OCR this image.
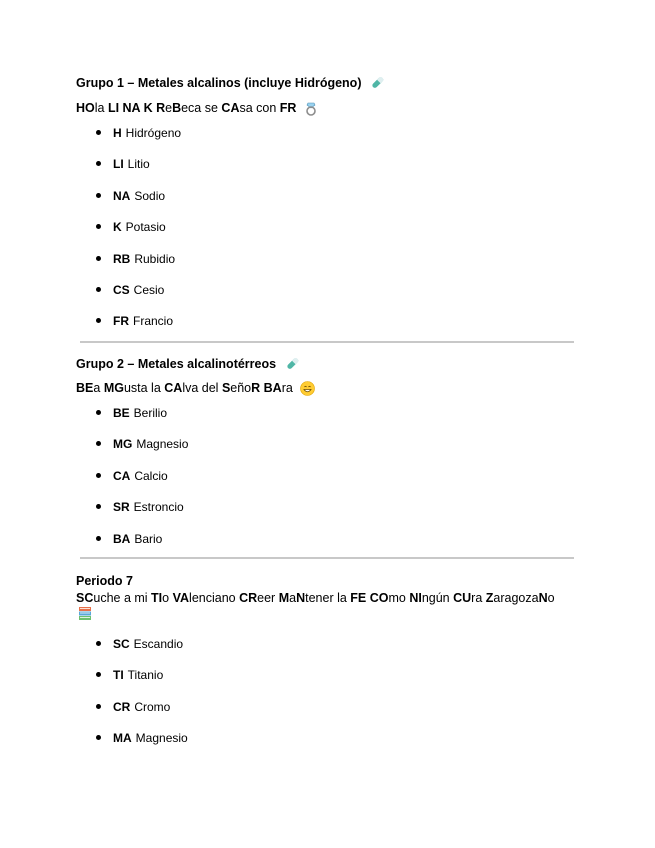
Grupo 1 – Metales alcalinos (incluye Hidrógeno)
HOla LI NA K ReBeca se CAsa con FR
H Hidrógeno
LI Litio
NA Sodio
K Potasio
RB Rubidio
CS Cesio
FR Francio
Grupo 2 – Metales alcalinotérreos
BEa MGusta la CAlva del SeñoR BAra
BE Berilio
MG Magnesio
CA Calcio
SR Estroncio
BA Bario
Periodo 7
SCuche a mi TIo VAlenciano CReer MaNtener la FE COmo NIngún CUra ZaragozaNo
SC Escandio
TI Titanio
CR Cromo
MA Magnesio
